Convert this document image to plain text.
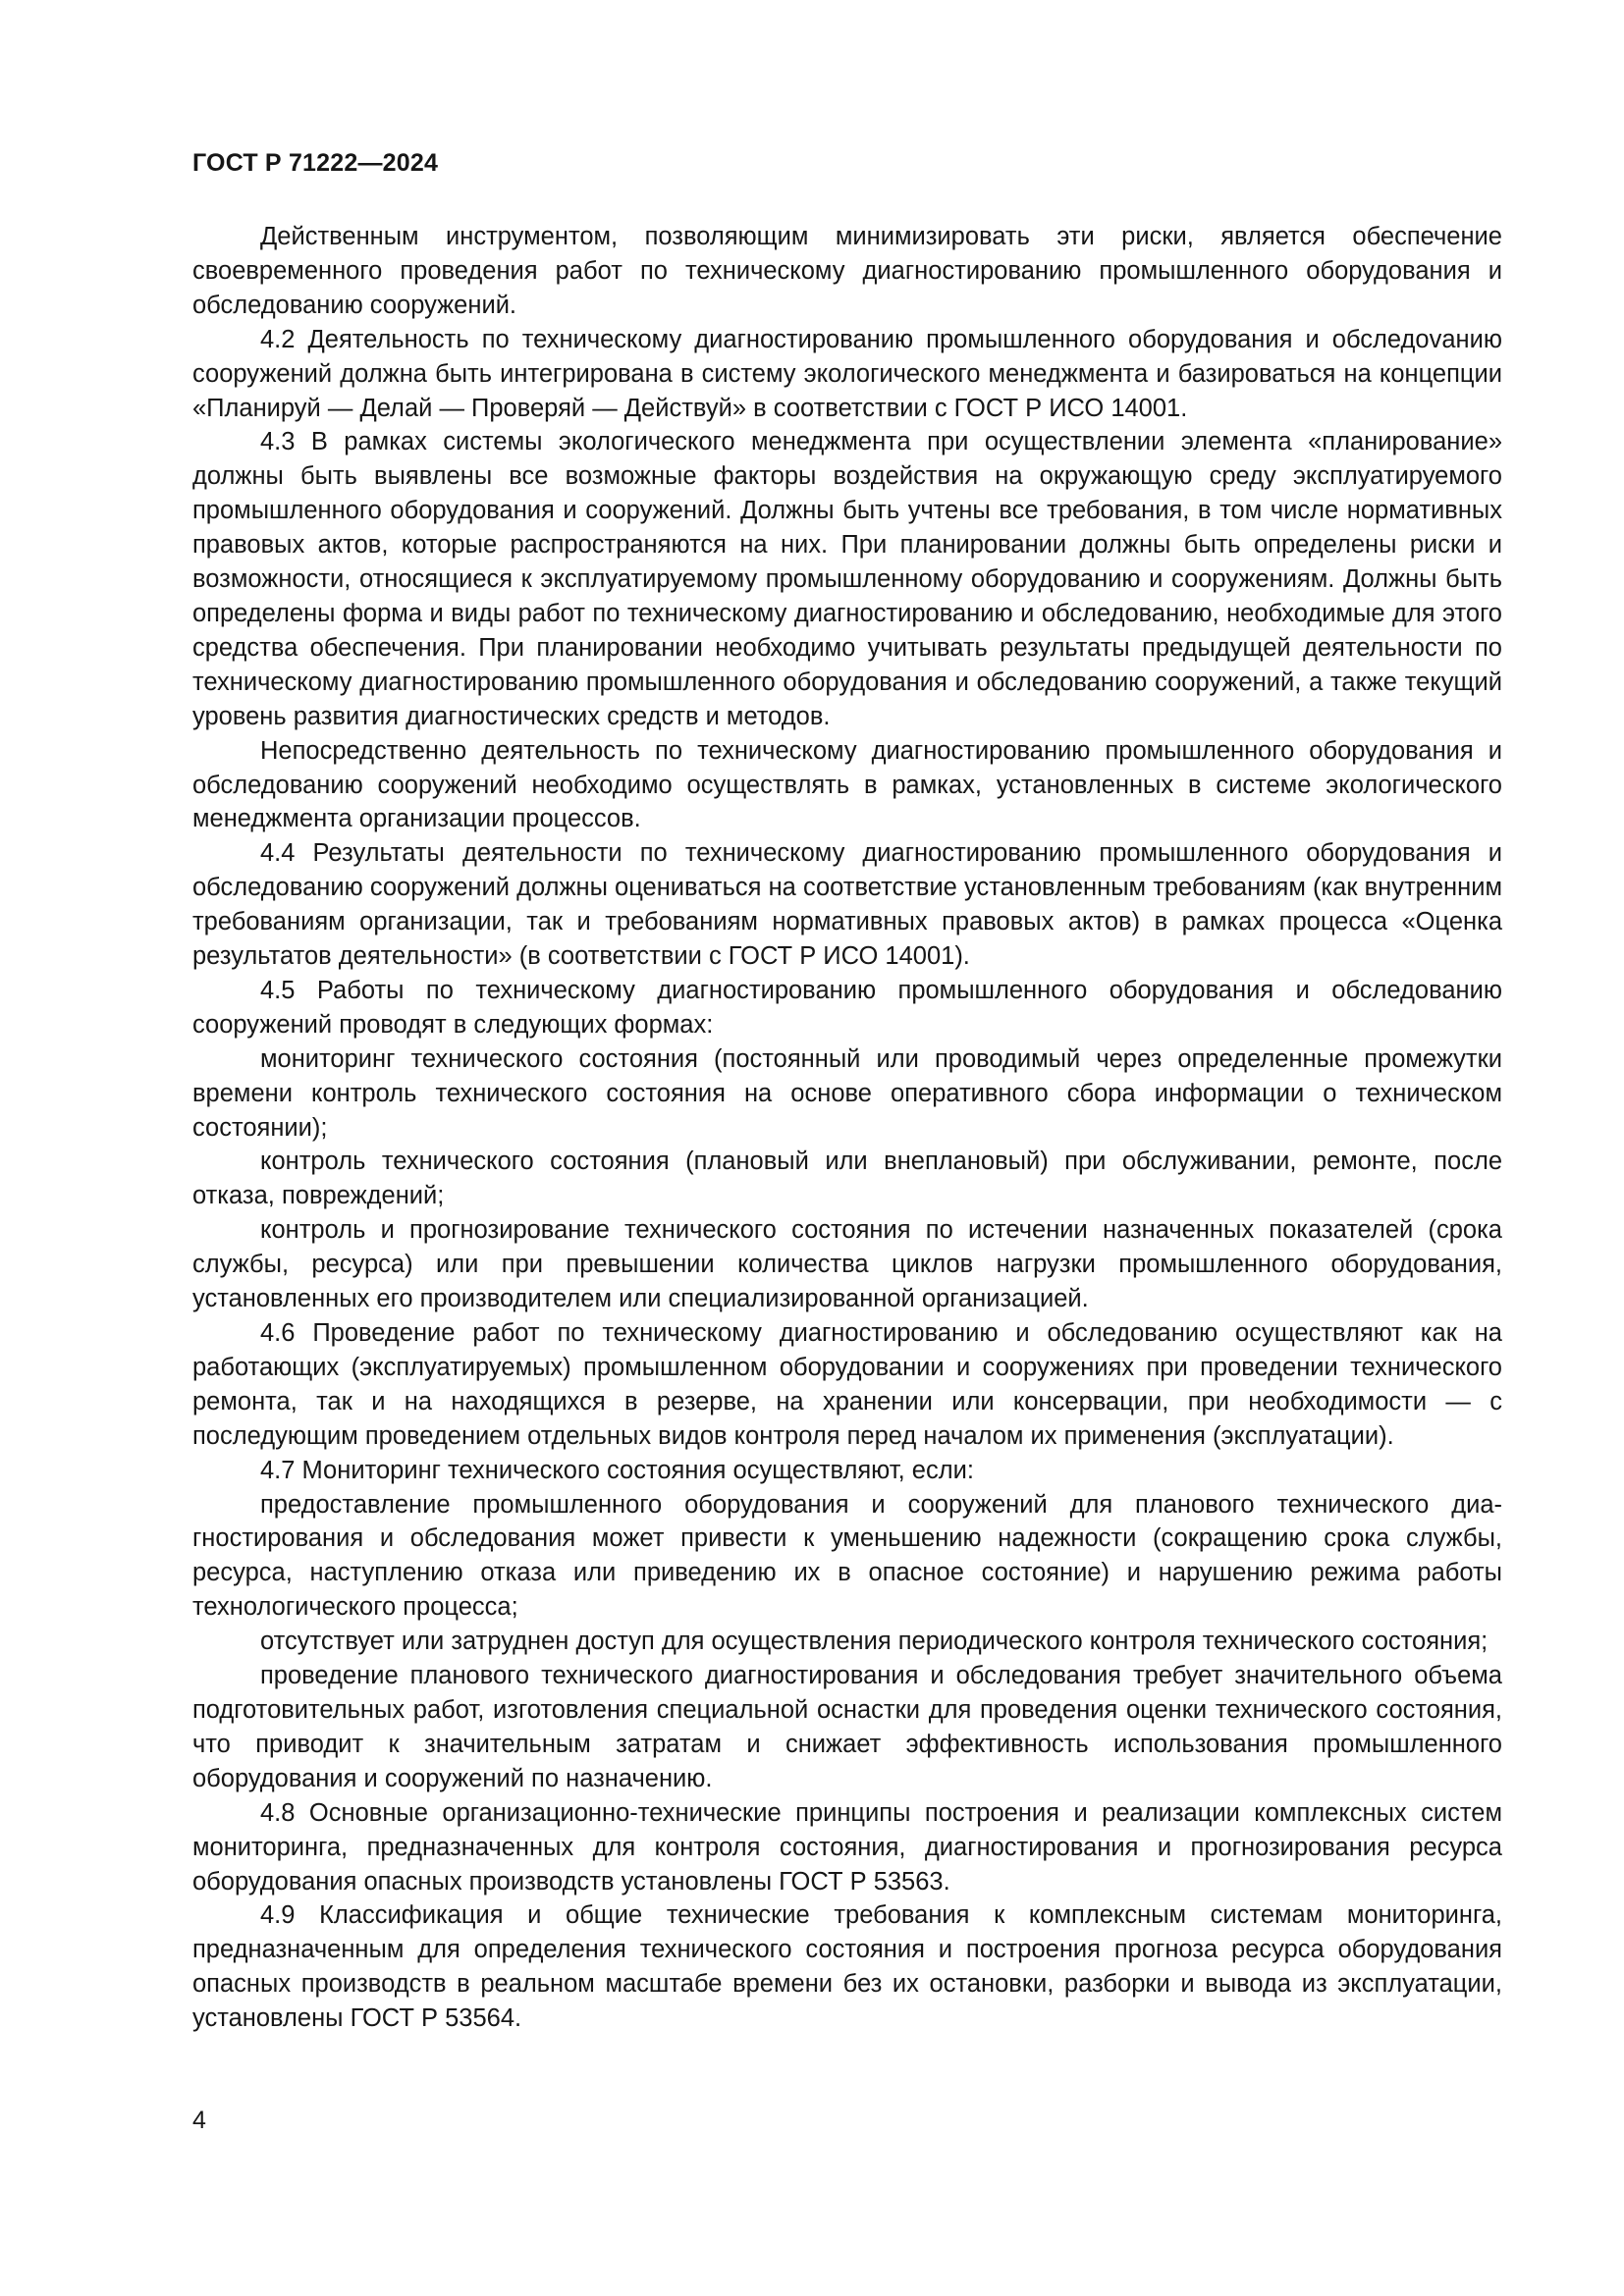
ГОСТ Р 71222—2024

Действенным инструментом, позволяющим минимизировать эти риски, является обеспечение своевременного проведения работ по техническому диагностированию промышленного оборудования и обследованию сооружений.

4.2 Деятельность по техническому диагностированию промышленного оборудования и обследоvанию сооружений должна быть интегрирована в систему экологического менеджмента и базироваться на концепции «Планируй — Делай — Проверяй — Действуй» в соответствии с ГОСТ Р ИСО 14001.

4.3 В рамках системы экологического менеджмента при осуществлении элемента «планирование» должны быть выявлены все возможные факторы воздействия на окружающую среду эксплуатируемого промышленного оборудования и сооружений. Должны быть учтены все требования, в том числе нормативных правовых актов, которые распространяются на них. При планировании должны быть определены риски и возможности, относящиеся к эксплуатируемому промышленному оборудованию и сооружениям. Должны быть определены форма и виды работ по техническому диагностированию и обследованию, необходимые для этого средства обеспечения. При планировании необходимо учитывать результаты предыдущей деятельности по техническому диагностированию промышленного оборудования и обследованию сооружений, а также текущий уровень развития диагностических средств и методов.

Непосредственно деятельность по техническому диагностированию промышленного оборудования и обследованию сооружений необходимо осуществлять в рамках, установленных в системе экологического менеджмента организации процессов.

4.4 Результаты деятельности по техническому диагностированию промышленного оборудования и обследованию сооружений должны оцениваться на соответствие установленным требованиям (как внутренним требованиям организации, так и требованиям нормативных правовых актов) в рамках процесса «Оценка результатов деятельности» (в соответствии с ГОСТ Р ИСО 14001).

4.5 Работы по техническому диагностированию промышленного оборудования и обследованию сооружений проводят в следующих формах:

мониторинг технического состояния (постоянный или проводимый через определенные промежутки времени контроль технического состояния на основе оперативного сбора информации о техническом состоянии);

контроль технического состояния (плановый или внеплановый) при обслуживании, ремонте, после отказа, повреждений;

контроль и прогнозирование технического состояния по истечении назначенных показателей (срока службы, ресурса) или при превышении количества циклов нагрузки промышленного оборудования, установленных его производителем или специализированной организацией.

4.6 Проведение работ по техническому диагностированию и обследованию осуществляют как на работающих (эксплуатируемых) промышленном оборудовании и сооружениях при проведении технического ремонта, так и на находящихся в резерве, на хранении или консервации, при необходимости — с последующим проведением отдельных видов контроля перед началом их применения (эксплуатации).

4.7 Мониторинг технического состояния осуществляют, если:

предоставление промышленного оборудования и сооружений для планового технического диагностирования и обследования может привести к уменьшению надежности (сокращению срока службы, ресурса, наступлению отказа или приведению их в опасное состояние) и нарушению режима работы технологического процесса;

отсутствует или затруднен доступ для осуществления периодического контроля технического состояния;

проведение планового технического диагностирования и обследования требует значительного объема подготовительных работ, изготовления специальной оснастки для проведения оценки технического состояния, что приводит к значительным затратам и снижает эффективность использования промышленного оборудования и сооружений по назначению.

4.8 Основные организационно-технические принципы построения и реализации комплексных систем мониторинга, предназначенных для контроля состояния, диагностирования и прогнозирования ресурса оборудования опасных производств установлены ГОСТ Р 53563.

4.9 Классификация и общие технические требования к комплексным системам мониторинга, предназначенным для определения технического состояния и построения прогноза ресурса оборудования опасных производств в реальном масштабе времени без их остановки, разборки и вывода из эксплуатации, установлены ГОСТ Р 53564.

4
